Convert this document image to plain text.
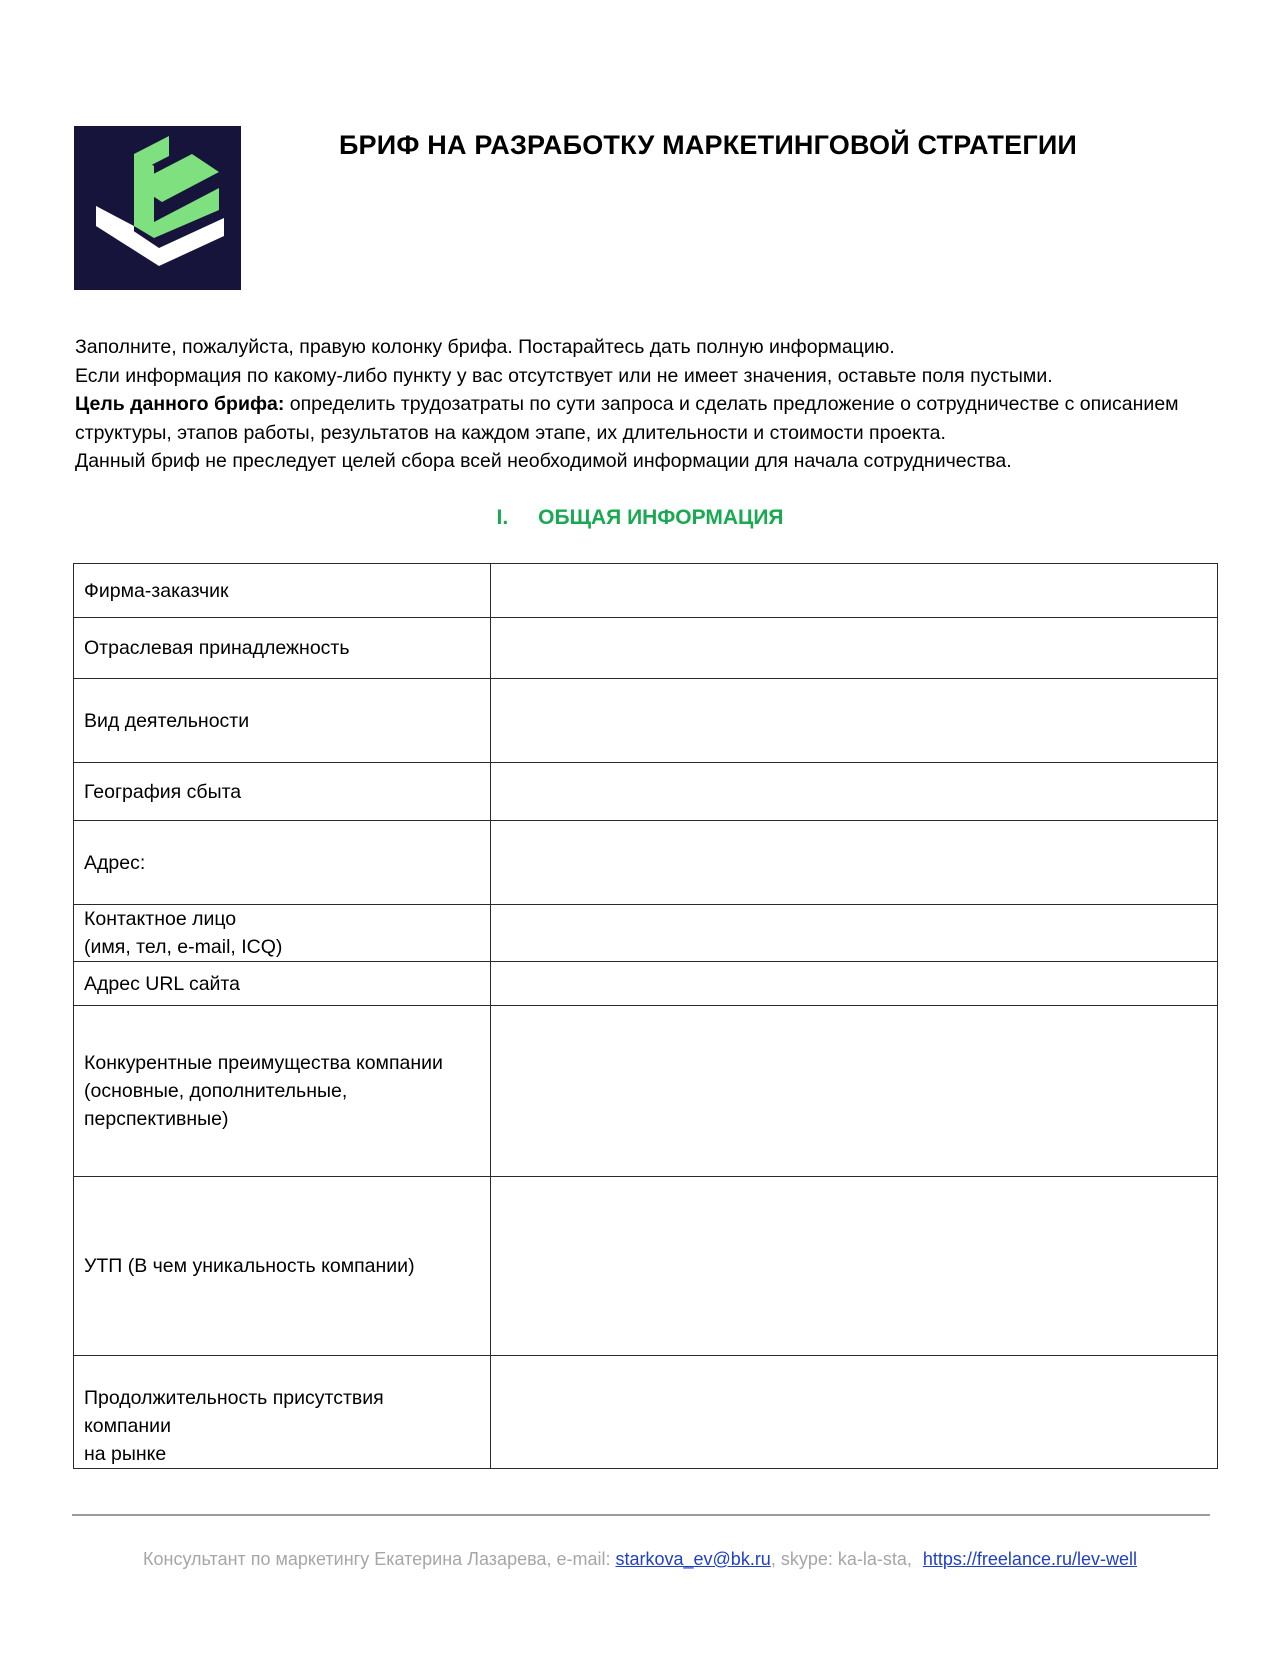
БРИФ НА РАЗРАБОТКУ МАРКЕТИНГОВОЙ СТРАТЕГИИ

Заполните, пожалуйста, правую колонку брифа. Постарайтесь дать полную информацию.

Если информация по какому-либо пункту у вас отсутствует или не имеет значения, оставьте поля пустыми.

Цель данного брифа: определить трудозатраты по сути запроса и сделать предложение о сотрудничестве с описанием структуры, этапов работы, результатов на каждом этапе, их длительности и стоимости проекта.

Данный бриф не преследует целей сбора всей необходимой информации для начала сотрудничества.

I. ОБЩАЯ ИНФОРМАЦИЯ
Фирма-заказчик

Отраслевая принадлежность

Вид деятельности

География сбыта

Адрес:

Контактное лицо
(имя, тел, e-mail, ICQ)

Адрес URL сайта

Конкурентные преимущества компании
(основные, дополнительные,
перспективные)

УТП (В чем уникальность компании)

Продолжительность присутствия
компании
на рынке

Консультант по маркетингу Екатерина Лазарева, e-mail: starkova_ev@bk.ru, skype: ka-la-sta, https://freelance.ru/lev-well
